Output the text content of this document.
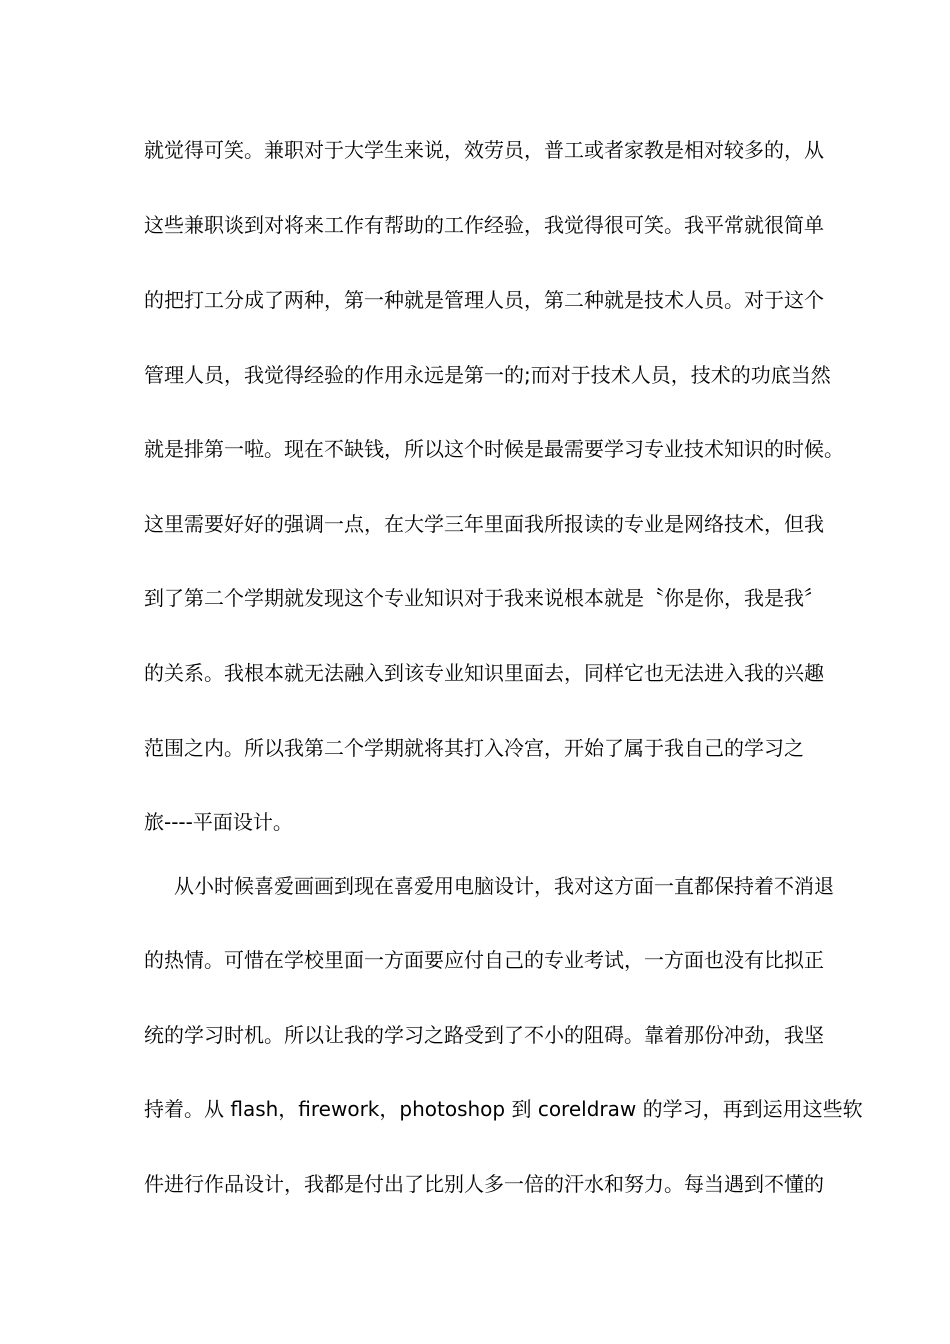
就觉得可笑。兼职对于大学生来说，效劳员，普工或者家教是相对较多的，从
这些兼职谈到对将来工作有帮助的工作经验，我觉得很可笑。我平常就很简单
的把打工分成了两种，第一种就是管理人员，第二种就是技术人员。对于这个
管理人员，我觉得经验的作用永远是第一的;而对于技术人员，技术的功底当然
就是排第一啦。现在不缺钱，所以这个时候是最需要学习专业技术知识的时候。
这里需要好好的强调一点，在大学三年里面我所报读的专业是网络技术，但我
到了第二个学期就发现这个专业知识对于我来说根本就是〝你是你，我是我〞
的关系。我根本就无法融入到该专业知识里面去，同样它也无法进入我的兴趣
范围之内。所以我第二个学期就将其打入冷宫，开始了属于我自己的学习之
旅----平面设计。
从小时候喜爱画画到现在喜爱用电脑设计，我对这方面一直都保持着不消退
的热情。可惜在学校里面一方面要应付自己的专业考试，一方面也没有比拟正
统的学习时机。所以让我的学习之路受到了不小的阻碍。靠着那份冲劲，我坚
持着。从 flash，firework，photoshop 到 coreldraw 的学习，再到运用这些软
件进行作品设计，我都是付出了比别人多一倍的汗水和努力。每当遇到不懂的
